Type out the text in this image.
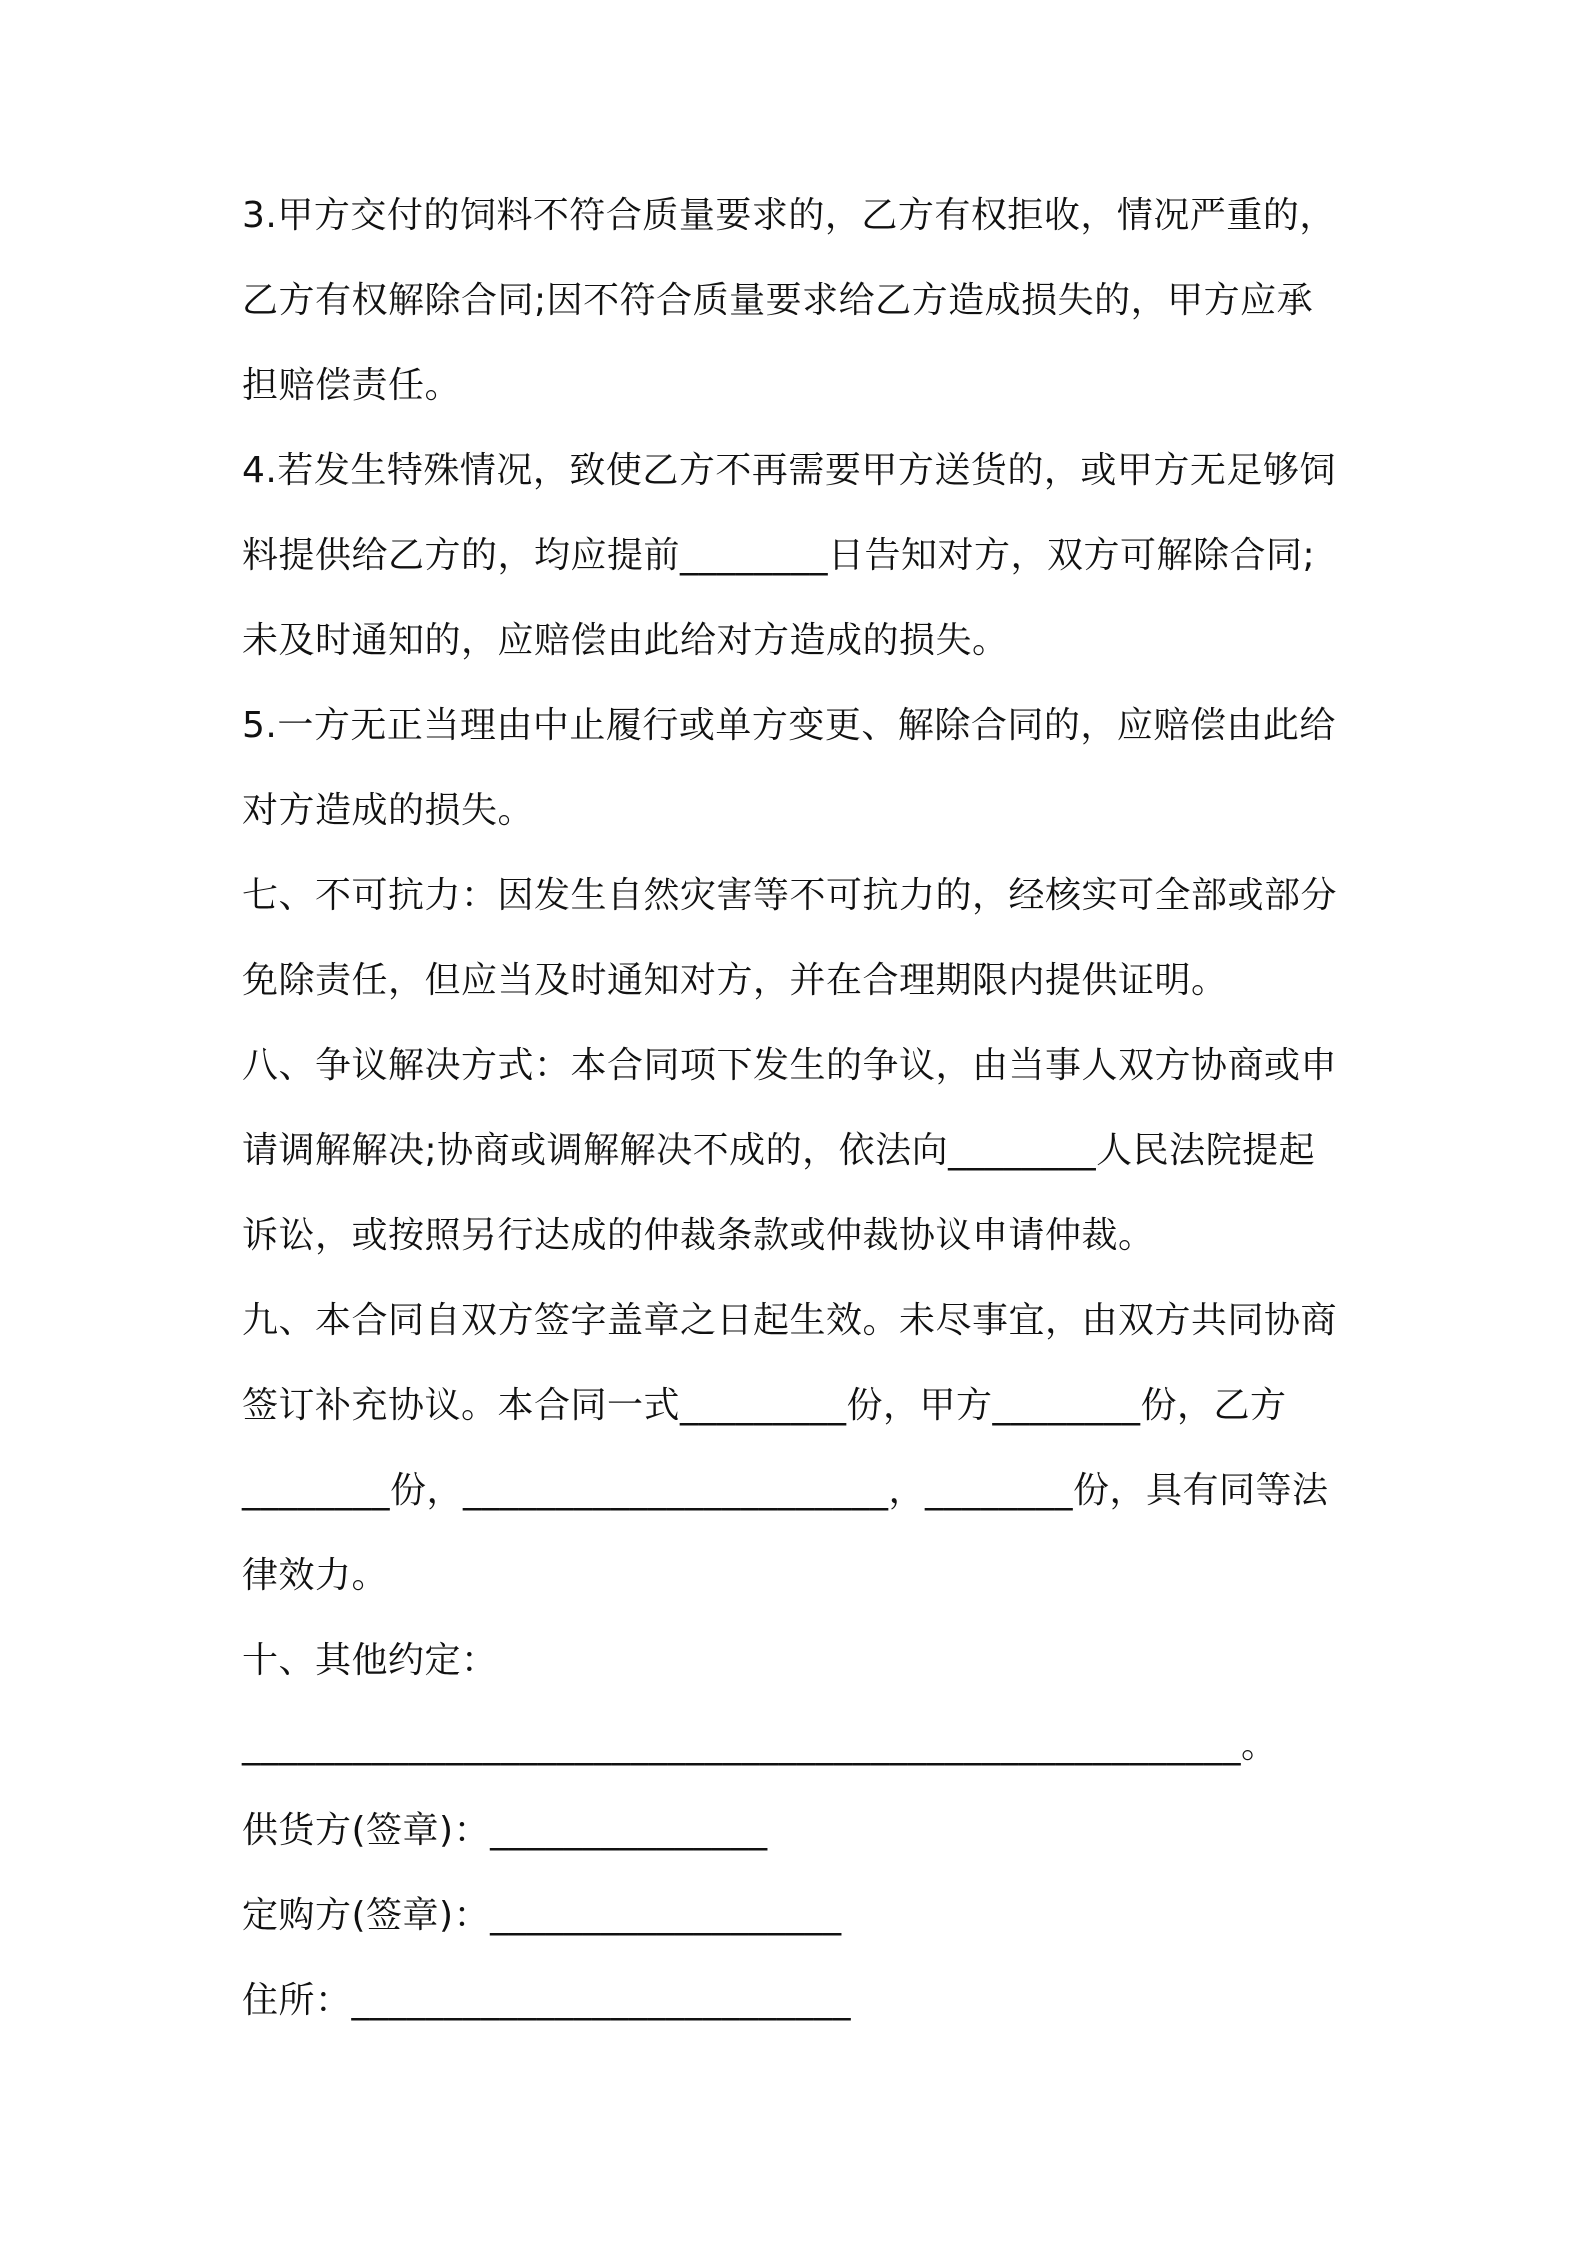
3.甲方交付的饲料不符合质量要求的，乙方有权拒收，情况严重的，
乙方有权解除合同;因不符合质量要求给乙方造成损失的，甲方应承
担赔偿责任。
4.若发生特殊情况，致使乙方不再需要甲方送货的，或甲方无足够饲
料提供给乙方的，均应提前________日告知对方，双方可解除合同;
未及时通知的，应赔偿由此给对方造成的损失。
5.一方无正当理由中止履行或单方变更、解除合同的，应赔偿由此给
对方造成的损失。
七、不可抗力：因发生自然灾害等不可抗力的，经核实可全部或部分
免除责任，但应当及时通知对方，并在合理期限内提供证明。
八、争议解决方式：本合同项下发生的争议，由当事人双方协商或申
请调解解决;协商或调解解决不成的，依法向________人民法院提起
诉讼，或按照另行达成的仲裁条款或仲裁协议申请仲裁。
九、本合同自双方签字盖章之日起生效。未尽事宜，由双方共同协商
签订补充协议。本合同一式_________份，甲方________份，乙方
________份，_______________________，________份，具有同等法
律效力。
十、其他约定：
______________________________________________________。
供货方(签章)：_______________
定购方(签章)：___________________
住所：___________________________
